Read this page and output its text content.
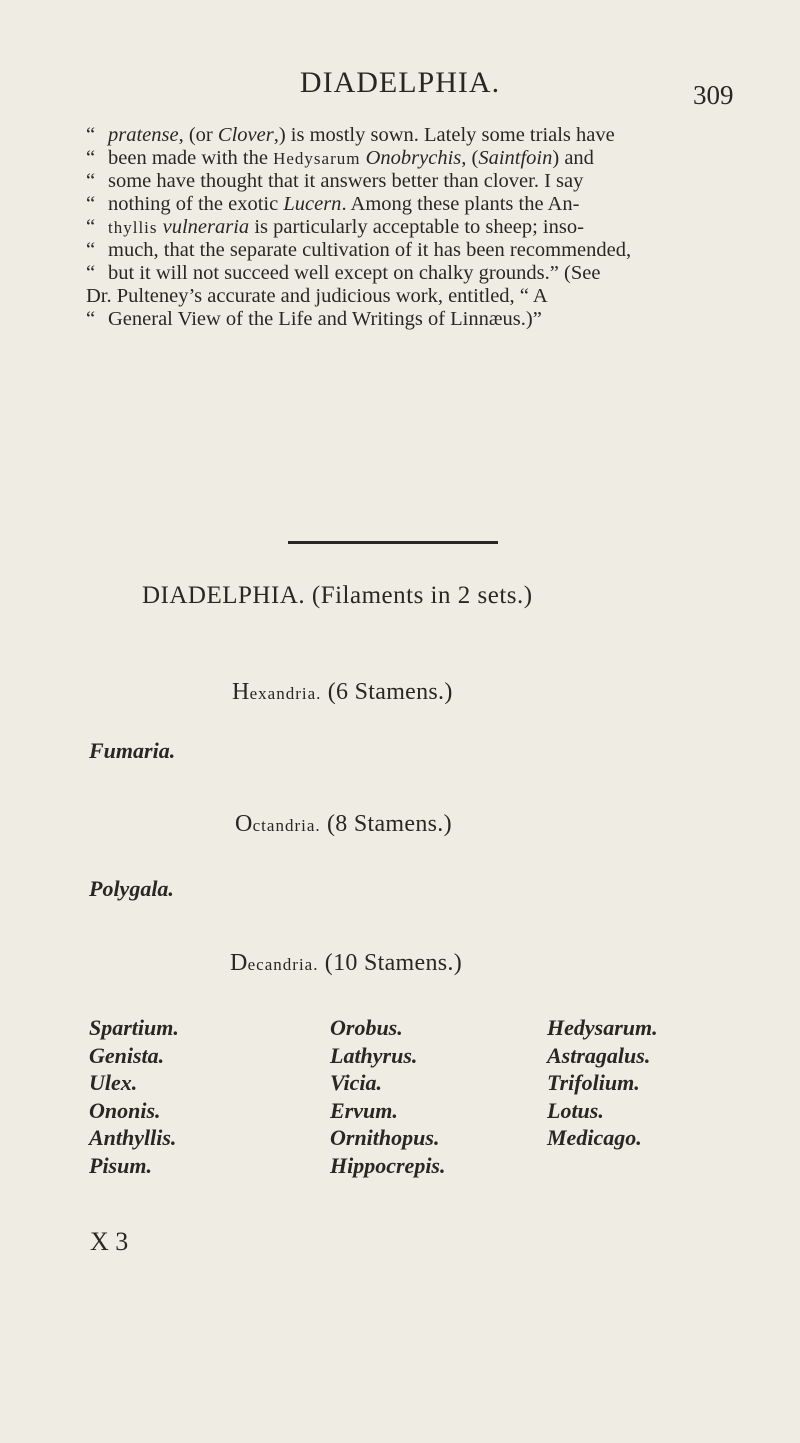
DIADELPHIA.	309
“ pratense, (or Clover,) is mostly sown. Lately some trials have
“ been made with the Hedysarum Onobrychis, (Saintfoin) and
“ some have thought that it answers better than clover. I say
“ nothing of the exotic Lucern. Among these plants the An-
“ thyllis vulneraria is particularly acceptable to sheep; inso-
“ much, that the separate cultivation of it has been recommended,
“ but it will not succeed well except on chalky grounds.” (See
Dr. Pulteney’s accurate and judicious work, entitled, “ A
“ General View of the Life and Writings of Linnæus.)”
DIADELPHIA. (Filaments in 2 sets.)
Hexandria. (6 Stamens.)
Fumaria.
Octandria. (8 Stamens.)
Polygala.
Decandria. (10 Stamens.)
Spartium.
Genista.
Ulex.
Ononis.
Anthyllis.
Pisum.
Orobus.
Lathyrus.
Vicia.
Ervum.
Ornithopus.
Hippocrepis.
Hedysarum.
Astragalus.
Trifolium.
Lotus.
Medicago.
X 3
